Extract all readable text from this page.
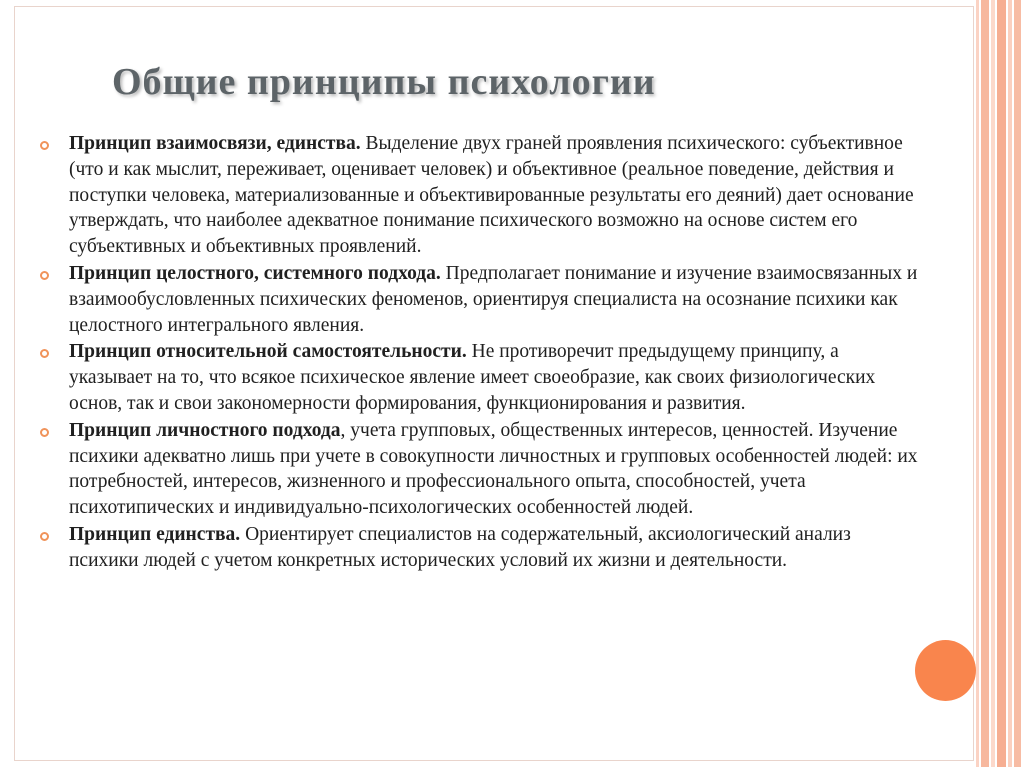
Общие принципы психологии

Принцип взаимосвязи, единства. Выделение двух граней проявления психического: субъективное (что и как мыслит, переживает, оценивает человек) и объективное (реальное поведение, действия и поступки человека, материализованные и объективированные результаты его деяний) дает основание утверждать, что наиболее адекватное понимание психического возможно на основе систем его субъективных и объективных проявлений.

Принцип целостного, системного подхода. Предполагает понимание и изучение взаимосвязанных и взаимообусловленных психических феноменов, ориентируя специалиста на осознание психики как целостного интегрального явления.

Принцип относительной самостоятельности. Не противоречит предыдущему принципу, а указывает на то, что всякое психическое явление имеет своеобразие, как своих физиологических основ, так и свои закономерности формирования, функционирования и развития.

Принцип личностного подхода, учета групповых, общественных интересов, ценностей. Изучение психики адекватно лишь при учете в совокупности личностных и групповых особенностей людей: их потребностей, интересов, жизненного и профессионального опыта, способностей, учета психотипических и индивидуально-психологических особенностей людей.

Принцип единства. Ориентирует специалистов на содержательный, аксиологический анализ психики людей с учетом конкретных исторических условий их жизни и деятельности.
